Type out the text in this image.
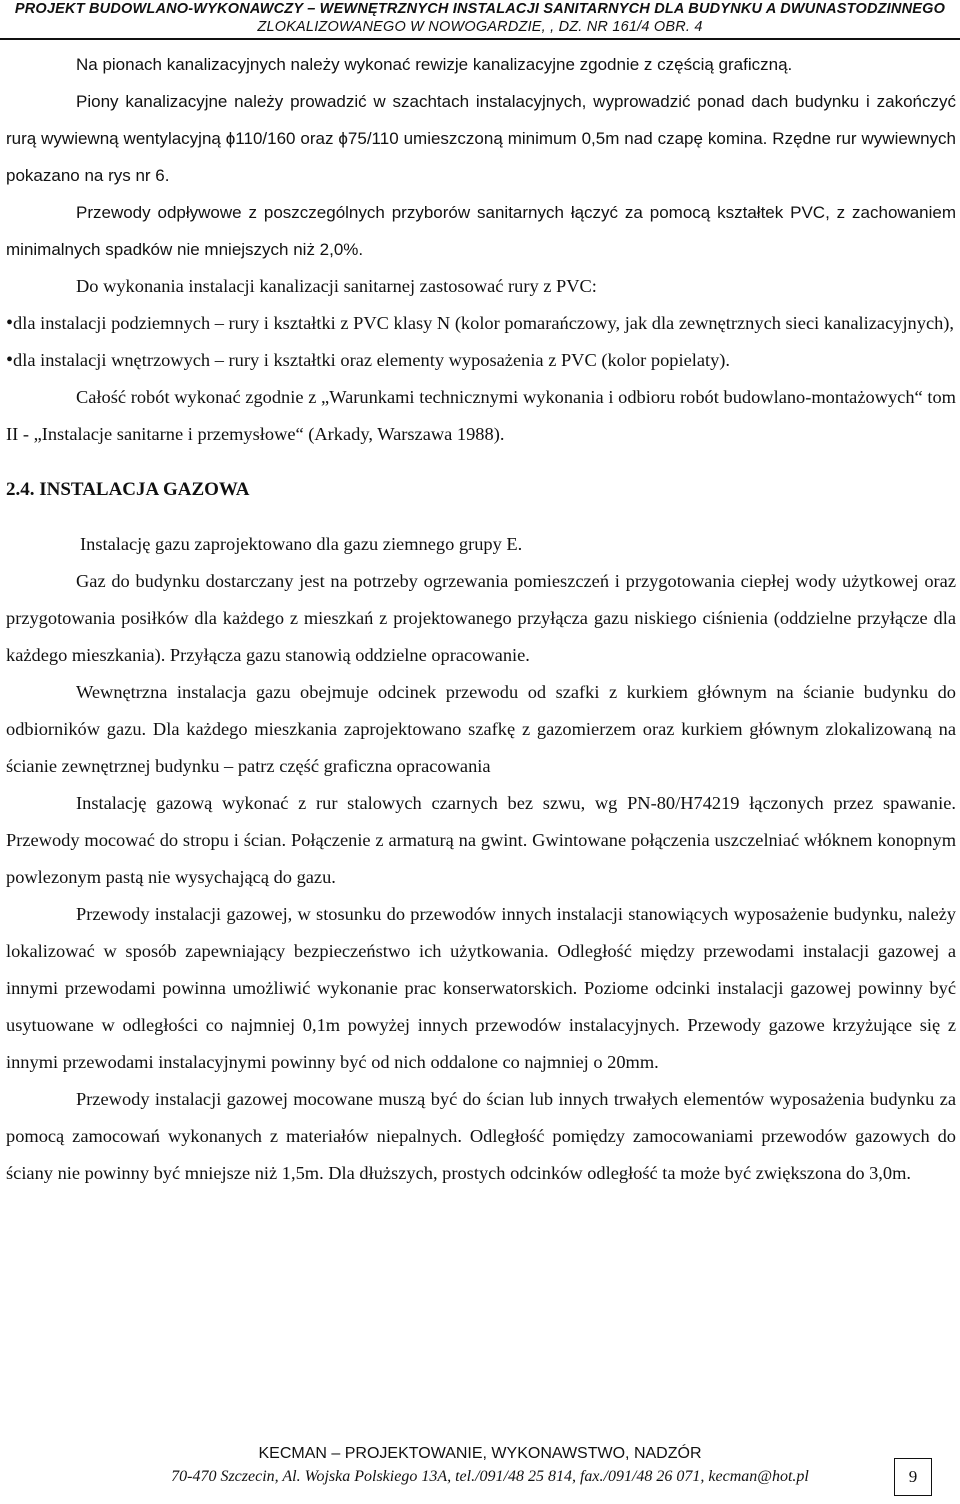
PROJEKT BUDOWLANO-WYKONAWCZY – WEWNĘTRZNYCH INSTALACJI SANITARNYCH DLA BUDYNKU A DWUNASTODZINNEGO
ZLOKALIZOWANEGO W NOWOGARDZIE, , DZ. NR 161/4 OBR. 4

Na pionach kanalizacyjnych należy wykonać rewizje kanalizacyjne zgodnie z częścią graficzną.

Piony kanalizacyjne należy prowadzić w szachtach instalacyjnych, wyprowadzić ponad dach budynku i zakończyć rurą wywiewną wentylacyjną ϕ110/160 oraz ϕ75/110 umieszczoną minimum 0,5m nad czapę komina. Rzędne rur wywiewnych pokazano na rys nr 6.

Przewody odpływowe z poszczególnych przyborów sanitarnych łączyć za pomocą kształtek PVC, z zachowaniem minimalnych spadków nie mniejszych niż 2,0%.

Do wykonania instalacji kanalizacji sanitarnej zastosować rury z PVC:

•dla instalacji podziemnych – rury i kształtki z PVC klasy N (kolor pomarańczowy, jak dla zewnętrznych sieci kanalizacyjnych),

•dla instalacji wnętrzowych – rury i kształtki oraz elementy wyposażenia z PVC (kolor popielaty).

Całość robót wykonać zgodnie z „Warunkami technicznymi wykonania i odbioru robót budowlano-montażowych“ tom II - „Instalacje sanitarne i przemysłowe“ (Arkady, Warszawa 1988).

2.4. INSTALACJA GAZOWA

Instalację gazu zaprojektowano dla gazu ziemnego grupy E.

Gaz do budynku dostarczany jest na potrzeby ogrzewania pomieszczeń i przygotowania ciepłej wody użytkowej oraz przygotowania posiłków dla każdego z mieszkań z projektowanego przyłącza gazu niskiego ciśnienia (oddzielne przyłącze dla każdego mieszkania). Przyłącza gazu stanowią oddzielne opracowanie.

Wewnętrzna instalacja gazu obejmuje odcinek przewodu od szafki z kurkiem głównym na ścianie budynku do odbiorników gazu. Dla każdego mieszkania zaprojektowano szafkę z gazomierzem oraz kurkiem głównym zlokalizowaną na ścianie zewnętrznej budynku – patrz część graficzna opracowania

Instalację gazową wykonać z rur stalowych czarnych bez szwu, wg PN-80/H74219 łączonych przez spawanie. Przewody mocować do stropu i ścian. Połączenie z armaturą na gwint. Gwintowane połączenia uszczelniać włóknem konopnym powlezonym pastą nie wysychającą do gazu.

Przewody instalacji gazowej, w stosunku do przewodów innych instalacji stanowiących wyposażenie budynku, należy lokalizować w sposób zapewniający bezpieczeństwo ich użytkowania. Odległość między przewodami instalacji gazowej a innymi przewodami powinna umożliwić wykonanie prac konserwatorskich. Poziome odcinki instalacji gazowej powinny być usytuowane w odległości co najmniej 0,1m powyżej innych przewodów instalacyjnych. Przewody gazowe krzyżujące się z innymi przewodami instalacyjnymi powinny być od nich oddalone co najmniej o 20mm.

Przewody instalacji gazowej mocowane muszą być do ścian lub innych trwałych elementów wyposażenia budynku za pomocą zamocowań wykonanych z materiałów niepalnych. Odległość pomiędzy zamocowaniami przewodów gazowych do ściany nie powinny być mniejsze niż 1,5m. Dla dłuższych, prostych odcinków odległość ta może być zwiększona do 3,0m.

KECMAN – PROJEKTOWANIE, WYKONAWSTWO, NADZÓR
70-470 Szczecin, Al. Wojska Polskiego 13A, tel./091/48 25 814, fax./091/48 26 071, kecman@hot.pl	9
